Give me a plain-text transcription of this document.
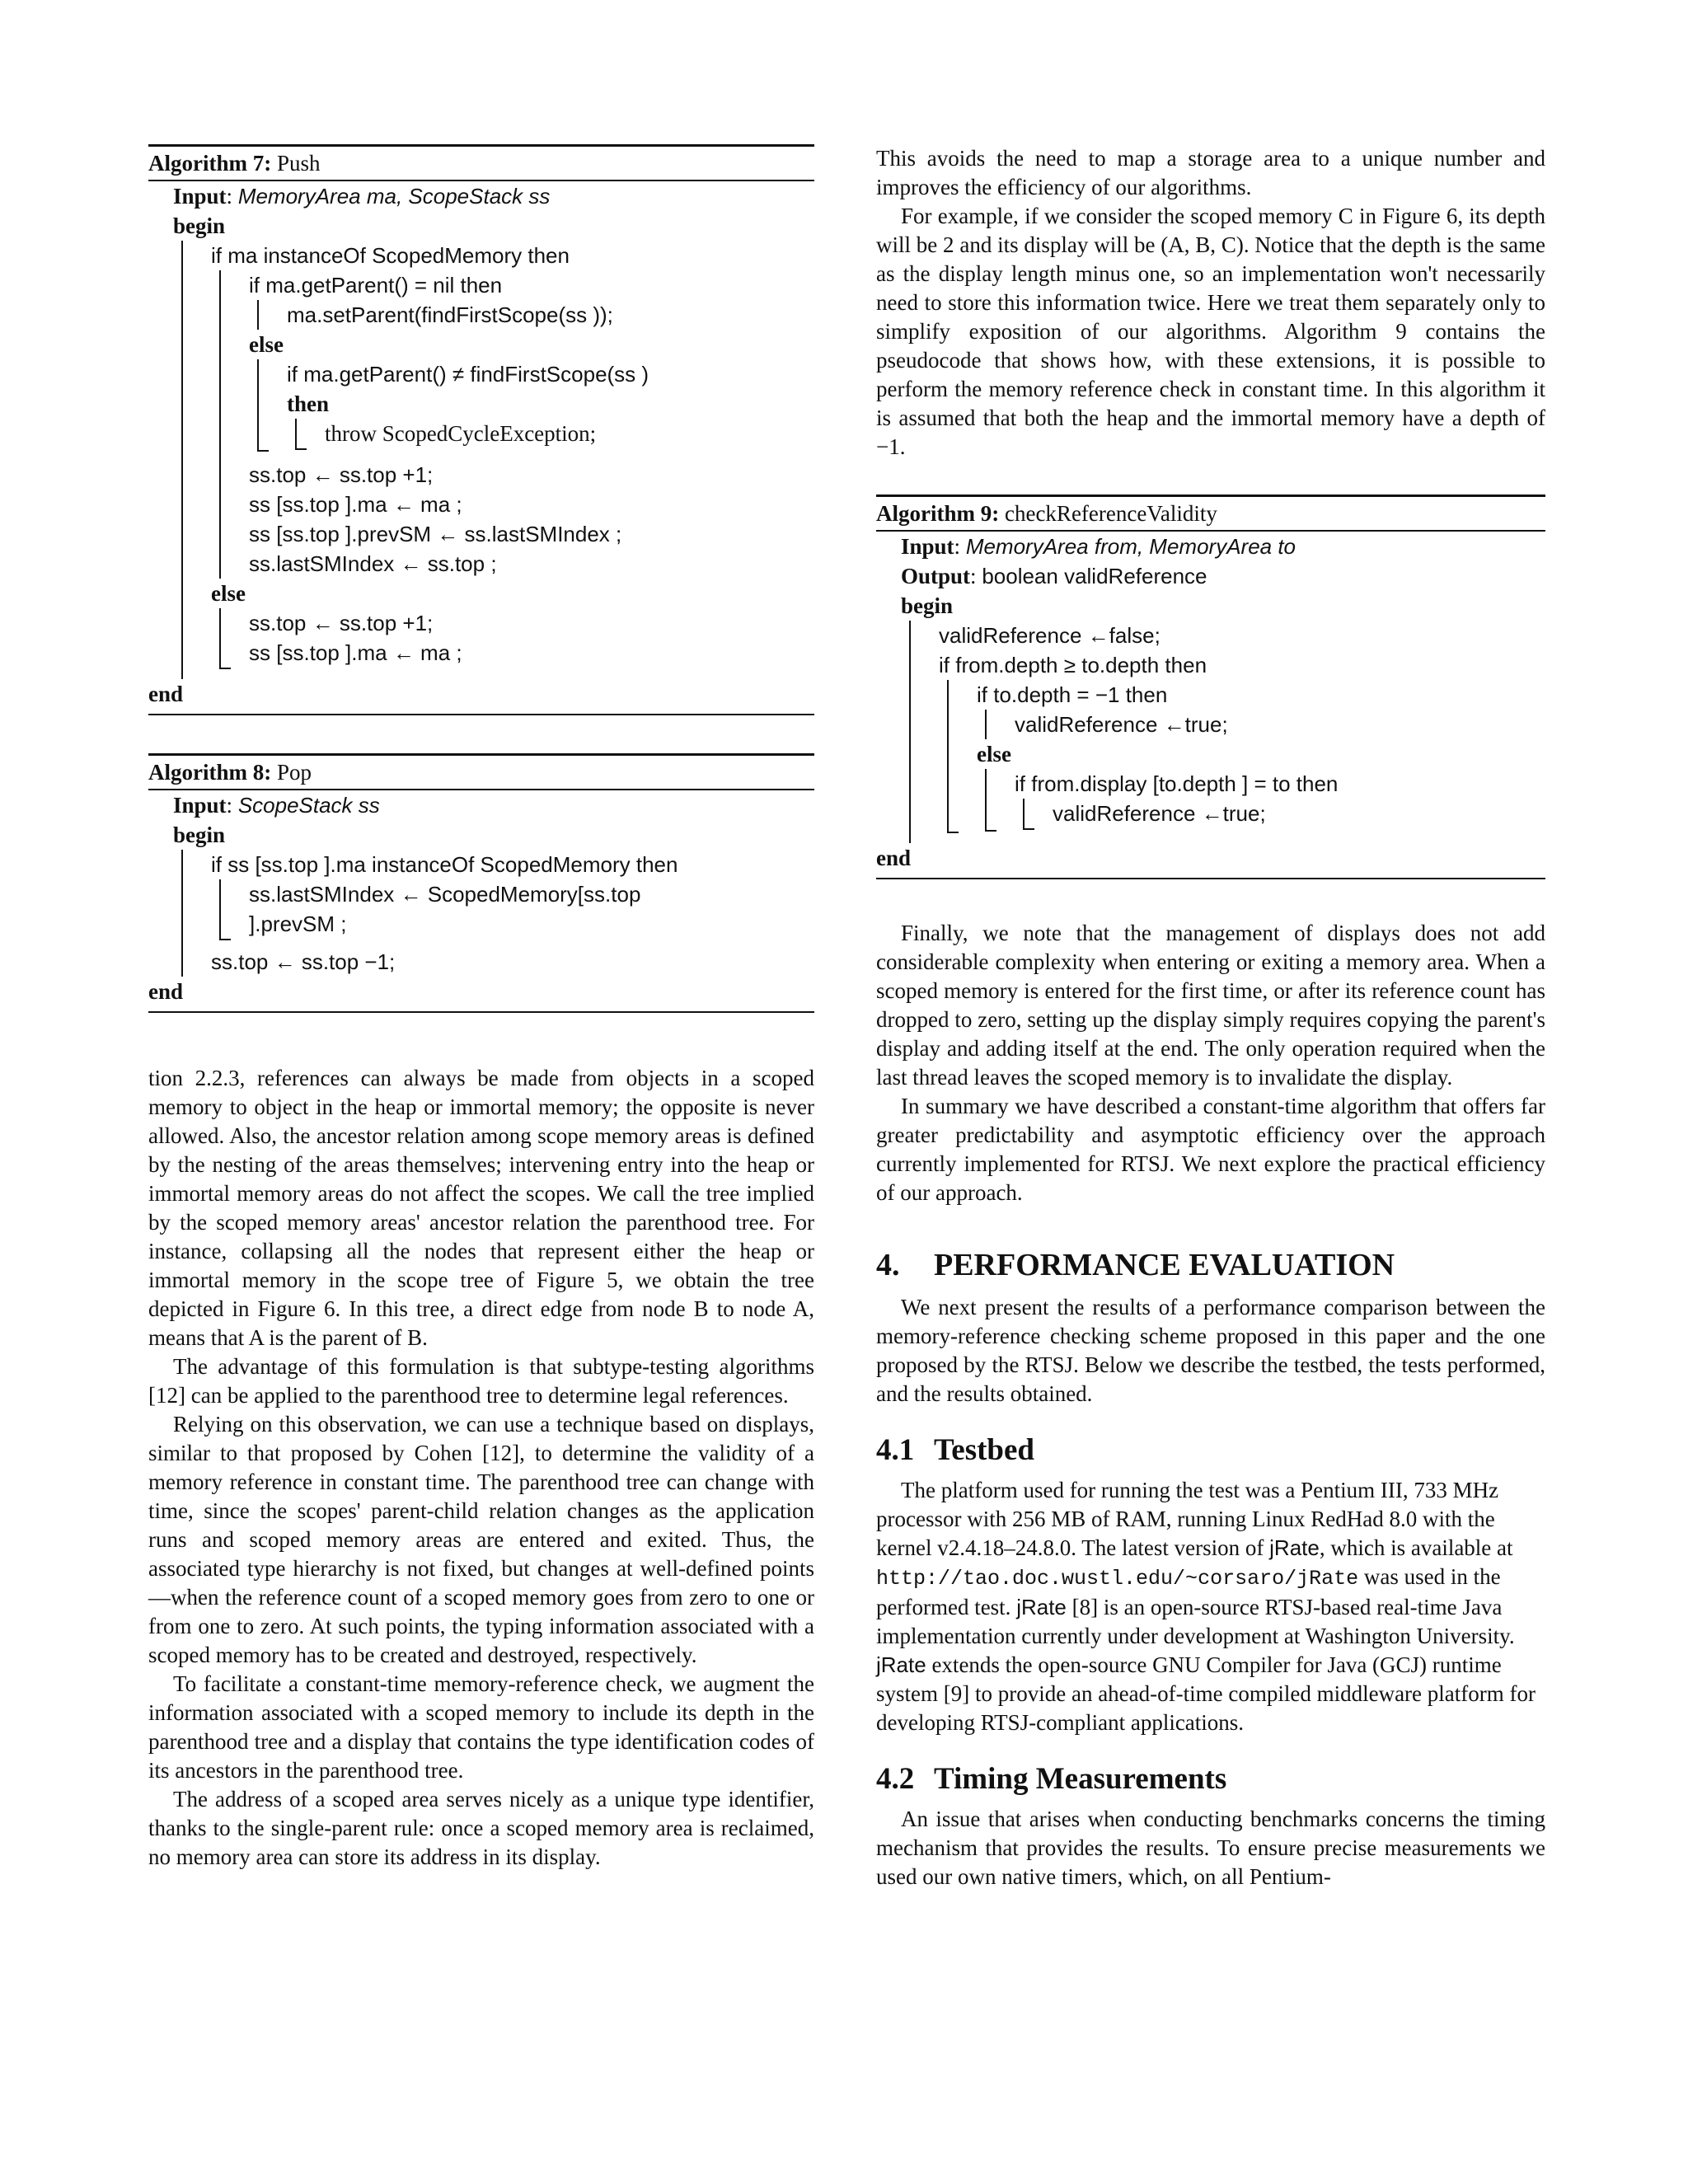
Algorithm 7: Push
Input: MemoryArea ma, ScopeStack ss
begin
if ma instanceOf ScopedMemory then
if ma.getParent() = nil then
ma.setParent(findFirstScope(ss ));
else
if ma.getParent() ≠ findFirstScope(ss )
then
throw ScopedCycleException;
ss.top ← ss.top +1;
ss [ss.top ].ma ← ma ;
ss [ss.top ].prevSM ← ss.lastSMIndex ;
ss.lastSMIndex ← ss.top ;
else
ss.top ← ss.top +1;
ss [ss.top ].ma ← ma ;
end
Algorithm 8: Pop
Input: ScopeStack ss
begin
if ss [ss.top ].ma instanceOf ScopedMemory then
ss.lastSMIndex ← ScopedMemory[ss.top
].prevSM ;
ss.top ← ss.top −1;
end

tion 2.2.3, references can always be made from objects in a scoped memory to object in the heap or immortal memory; the opposite is never allowed. Also, the ancestor relation among scope memory areas is defined by the nesting of the areas themselves; intervening entry into the heap or immortal memory areas do not affect the scopes. We call the tree implied by the scoped memory areas' ancestor relation the parenthood tree. For instance, collapsing all the nodes that represent either the heap or immortal memory in the scope tree of Figure 5, we obtain the tree depicted in Figure 6. In this tree, a direct edge from node B to node A, means that A is the parent of B.

The advantage of this formulation is that subtype-testing algorithms [12] can be applied to the parenthood tree to determine legal references.

Relying on this observation, we can use a technique based on displays, similar to that proposed by Cohen [12], to determine the validity of a memory reference in constant time. The parenthood tree can change with time, since the scopes' parent-child relation changes as the application runs and scoped memory areas are entered and exited. Thus, the associated type hierarchy is not fixed, but changes at well-defined points—when the reference count of a scoped memory goes from zero to one or from one to zero. At such points, the typing information associated with a scoped memory has to be created and destroyed, respectively.

To facilitate a constant-time memory-reference check, we augment the information associated with a scoped memory to include its depth in the parenthood tree and a display that contains the type identification codes of its ancestors in the parenthood tree.

The address of a scoped area serves nicely as a unique type identifier, thanks to the single-parent rule: once a scoped memory area is reclaimed, no memory area can store its address in its display.

This avoids the need to map a storage area to a unique number and improves the efficiency of our algorithms.

For example, if we consider the scoped memory C in Figure 6, its depth will be 2 and its display will be (A, B, C). Notice that the depth is the same as the display length minus one, so an implementation won't necessarily need to store this information twice. Here we treat them separately only to simplify exposition of our algorithms. Algorithm 9 contains the pseudocode that shows how, with these extensions, it is possible to perform the memory reference check in constant time. In this algorithm it is assumed that both the heap and the immortal memory have a depth of −1.

Algorithm 9: checkReferenceValidity
Input: MemoryArea from, MemoryArea to
Output: boolean validReference
begin
validReference ←false;
if from.depth ≥ to.depth then
if to.depth = −1 then
validReference ←true;
else
if from.display [to.depth ] = to then
validReference ←true;
end

Finally, we note that the management of displays does not add considerable complexity when entering or exiting a memory area. When a scoped memory is entered for the first time, or after its reference count has dropped to zero, setting up the display simply requires copying the parent's display and adding itself at the end. The only operation required when the last thread leaves the scoped memory is to invalidate the display.

In summary we have described a constant-time algorithm that offers far greater predictability and asymptotic efficiency over the approach currently implemented for RTSJ. We next explore the practical efficiency of our approach.

4. PERFORMANCE EVALUATION

We next present the results of a performance comparison between the memory-reference checking scheme proposed in this paper and the one proposed by the RTSJ. Below we describe the testbed, the tests performed, and the results obtained.

4.1 Testbed

The platform used for running the test was a Pentium III, 733 MHz processor with 256 MB of RAM, running Linux RedHad 8.0 with the kernel v2.4.18–24.8.0. The latest version of jRate, which is available at http://tao.doc.wustl.edu/~corsaro/jRate was used in the performed test. jRate [8] is an open-source RTSJ-based real-time Java implementation currently under development at Washington University. jRate extends the open-source GNU Compiler for Java (GCJ) runtime system [9] to provide an ahead-of-time compiled middleware platform for developing RTSJ-compliant applications.

4.2 Timing Measurements

An issue that arises when conducting benchmarks concerns the timing mechanism that provides the results. To ensure precise measurements we used our own native timers, which, on all Pentium-
